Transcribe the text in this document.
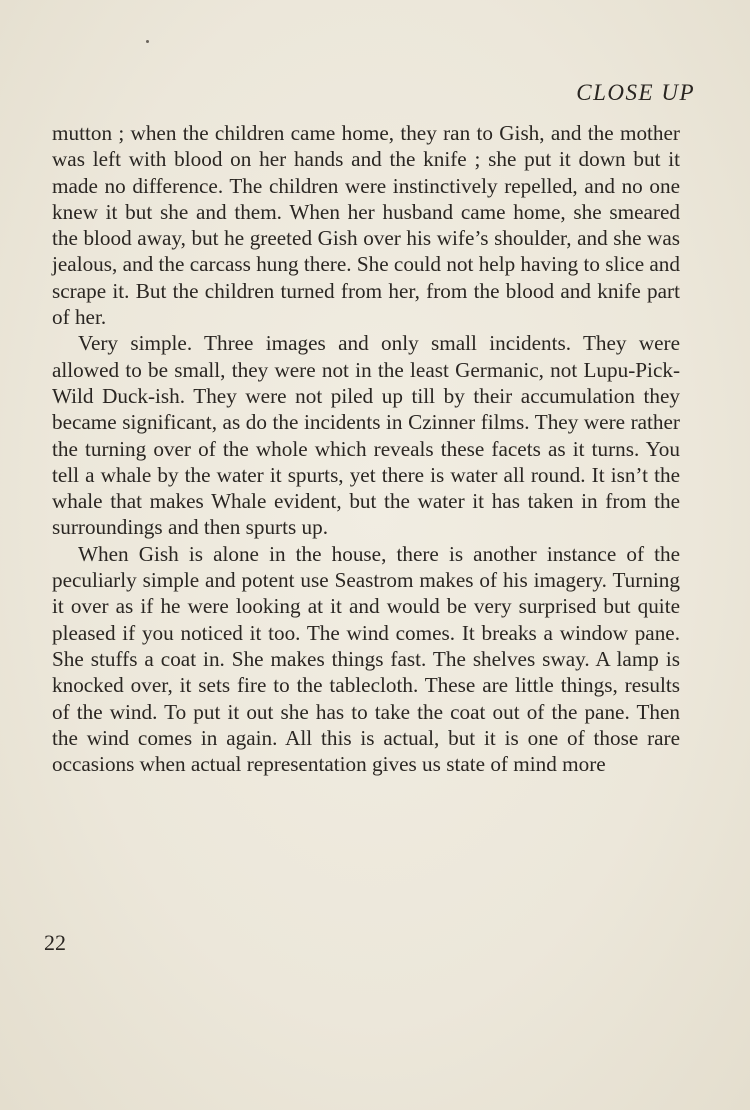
CLOSE UP

mutton ; when the children came home, they ran to Gish, and the mother was left with blood on her hands and the knife ; she put it down but it made no difference. The children were instinctively repelled, and no one knew it but she and them. When her husband came home, she smeared the blood away, but he greeted Gish over his wife’s shoulder, and she was jealous, and the carcass hung there. She could not help having to slice and scrape it. But the children turned from her, from the blood and knife part of her.

Very simple. Three images and only small incidents. They were allowed to be small, they were not in the least Germanic, not Lupu-Pick-Wild Duck-ish. They were not piled up till by their accumulation they became significant, as do the incidents in Czinner films. They were rather the turning over of the whole which reveals these facets as it turns. You tell a whale by the water it spurts, yet there is water all round. It isn’t the whale that makes Whale evident, but the water it has taken in from the surroundings and then spurts up.

When Gish is alone in the house, there is another instance of the peculiarly simple and potent use Seastrom makes of his imagery. Turning it over as if he were looking at it and would be very surprised but quite pleased if you noticed it too. The wind comes. It breaks a window pane. She stuffs a coat in. She makes things fast. The shelves sway. A lamp is knocked over, it sets fire to the tablecloth. These are little things, results of the wind. To put it out she has to take the coat out of the pane. Then the wind comes in again. All this is actual, but it is one of those rare occasions when actual representation gives us state of mind more

22
